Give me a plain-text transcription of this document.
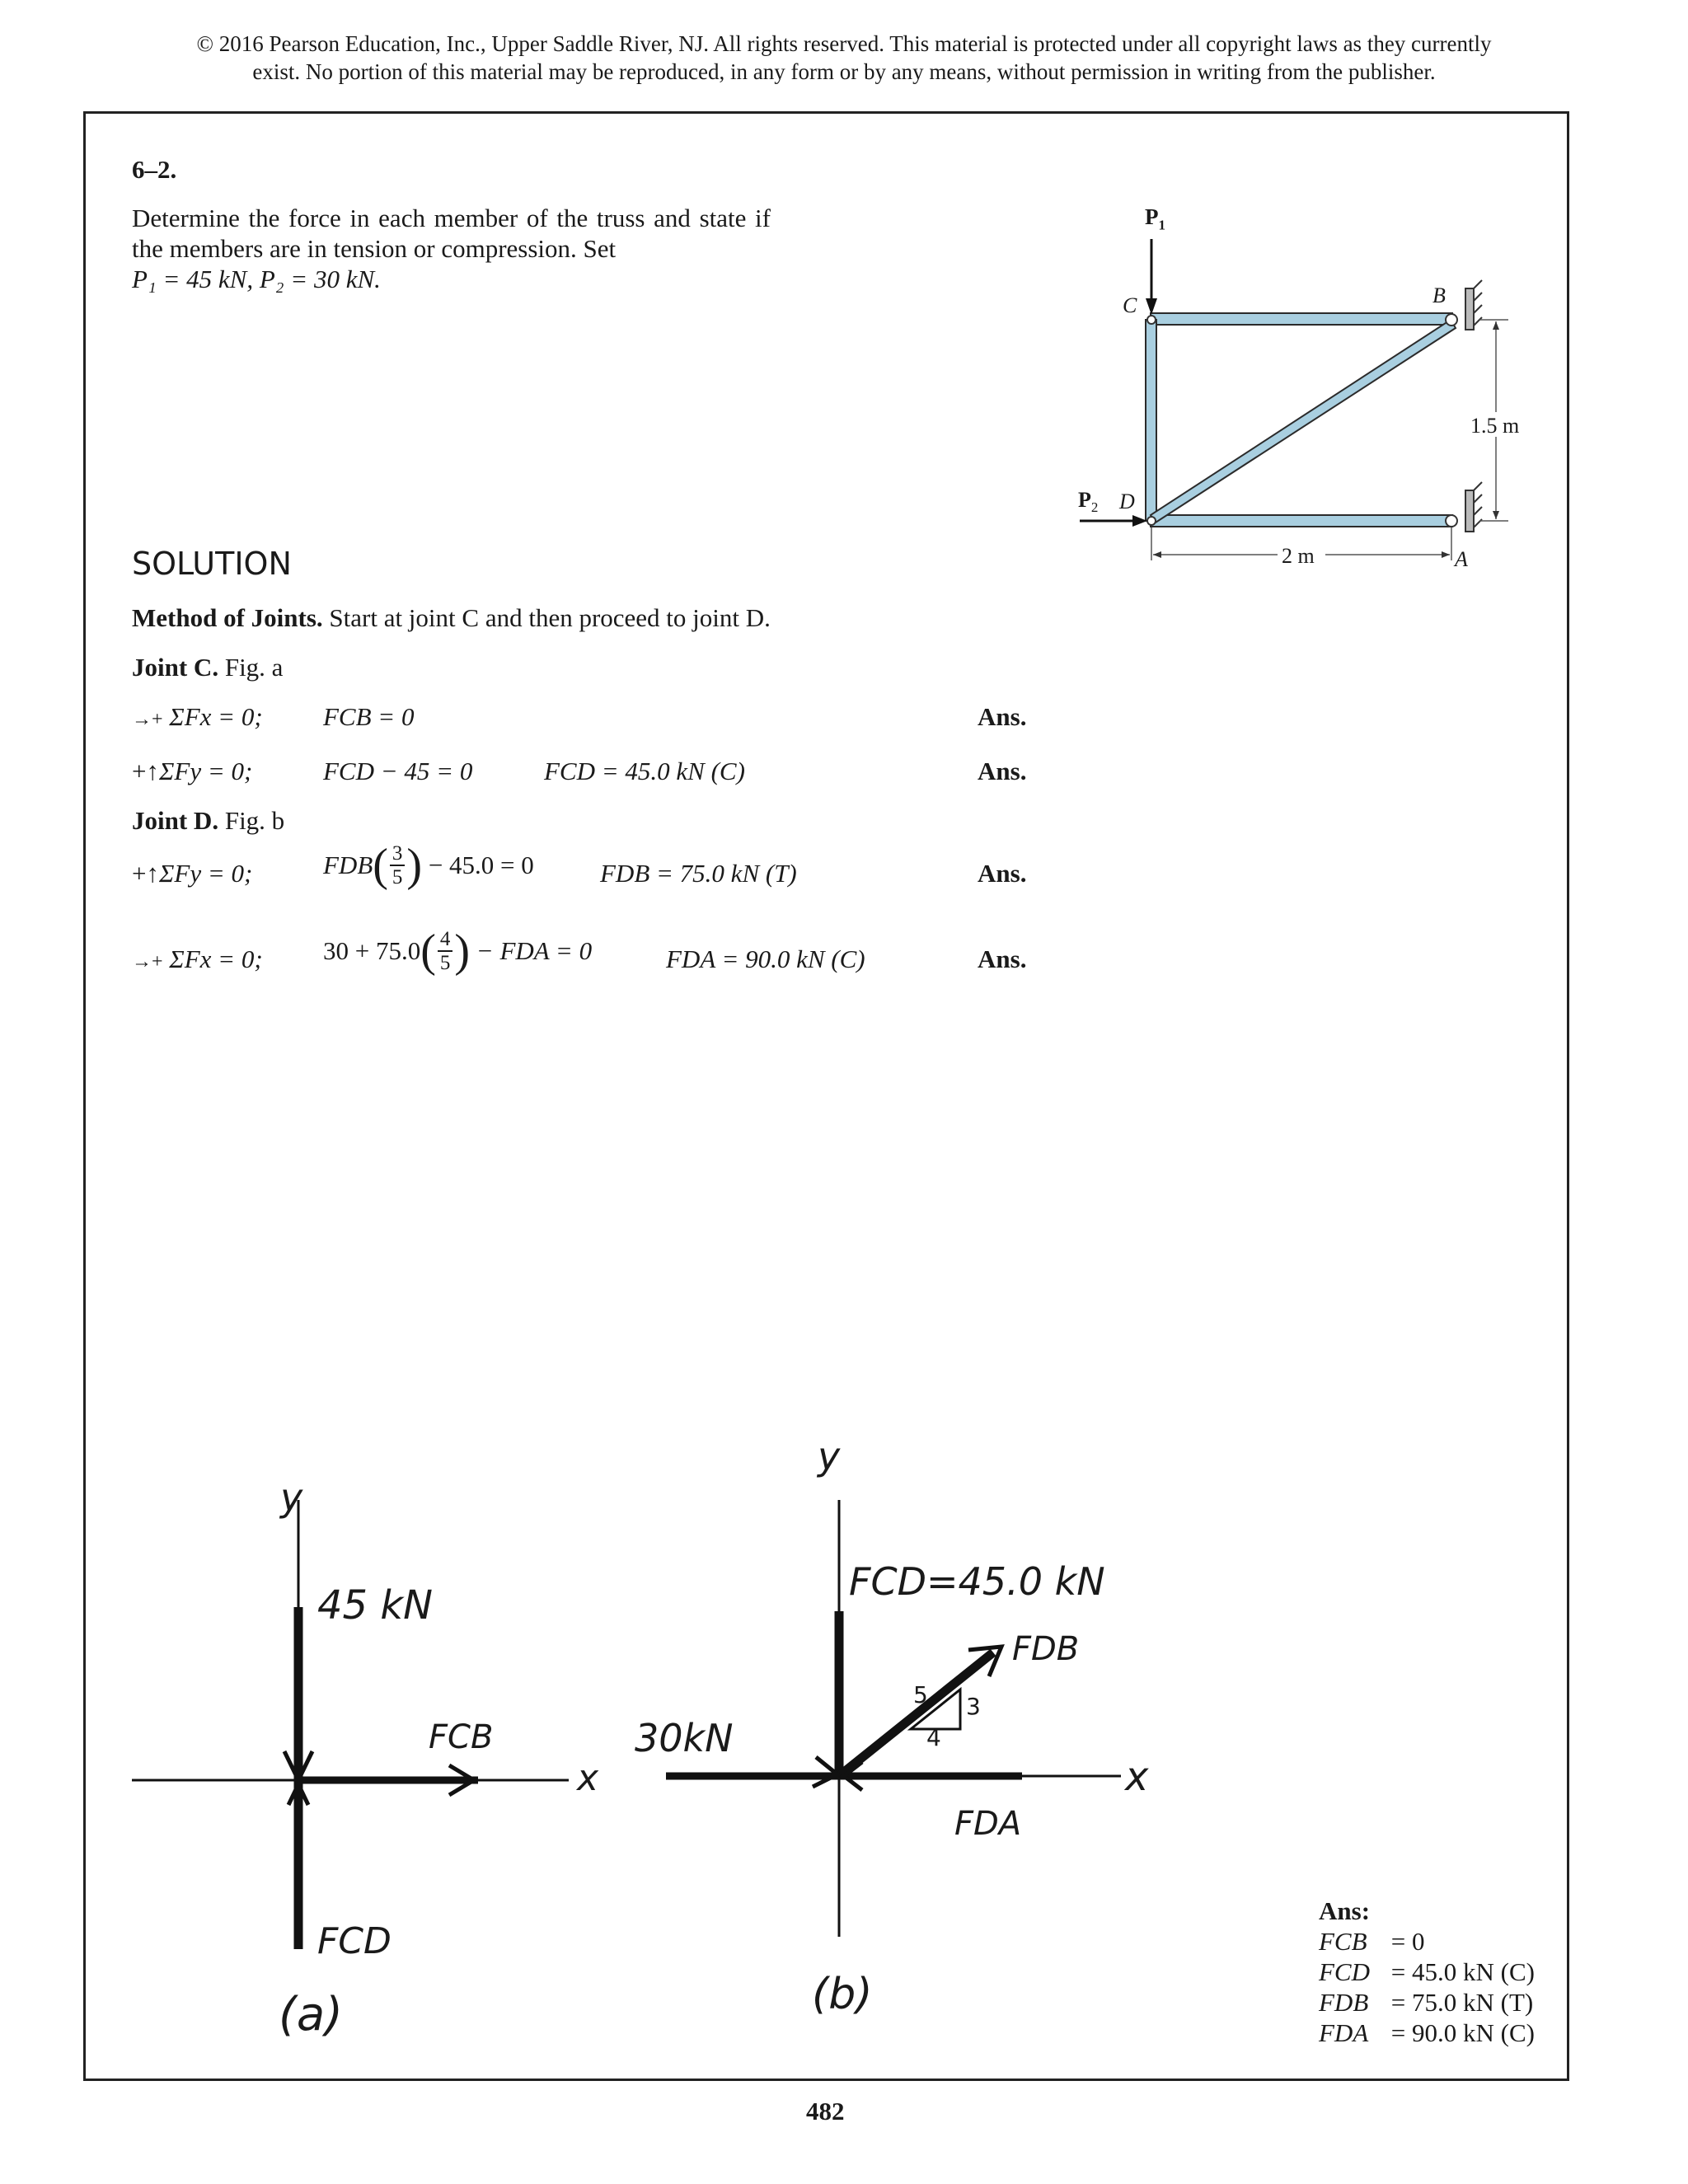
© 2016 Pearson Education, Inc., Upper Saddle River, NJ. All rights reserved. This material is protected under all copyright laws as they currently
exist. No portion of this material may be reproduced, in any form or by any means, without permission in writing from the publisher.
6–2.
Determine the force in each member of the truss and state if the members are in tension or compression. Set
P₁ = 45 kN, P₂ = 30 kN.
$P_1$
C	B
$P_2$ D
A
1.5 m
2 m
SOLUTION
Method of Joints. Start at joint C and then proceed to joint D.
Joint C. Fig. a
→+ ΣFx = 0; FCB = 0	Ans.
+↑ΣFy = 0;	FCD − 45 = 0	FCD = 45.0 kN (C)	Ans.
Joint D. Fig. b
+↑ΣFy = 0;	$FDB( \frac{3}{5}$ ) − 45.0 = 0	FDB = 75.0 kN (T)	Ans.
→+ ΣFx = 0; $30 + 75.0( \frac{4}{5}$ ) − FDA = 0	FDA = 90.0 kN (C)	Ans.
y
x
45 kN
FCB
FCD
(a)
y
x
FCD=45.0 kN
FDB
FDA
30kN
5 3
4
(b)
Ans:
FCB = 0
FCD = 45.0 kN (C)
FDB = 75.0 kN (T)
FDA = 90.0 kN (C)
482
